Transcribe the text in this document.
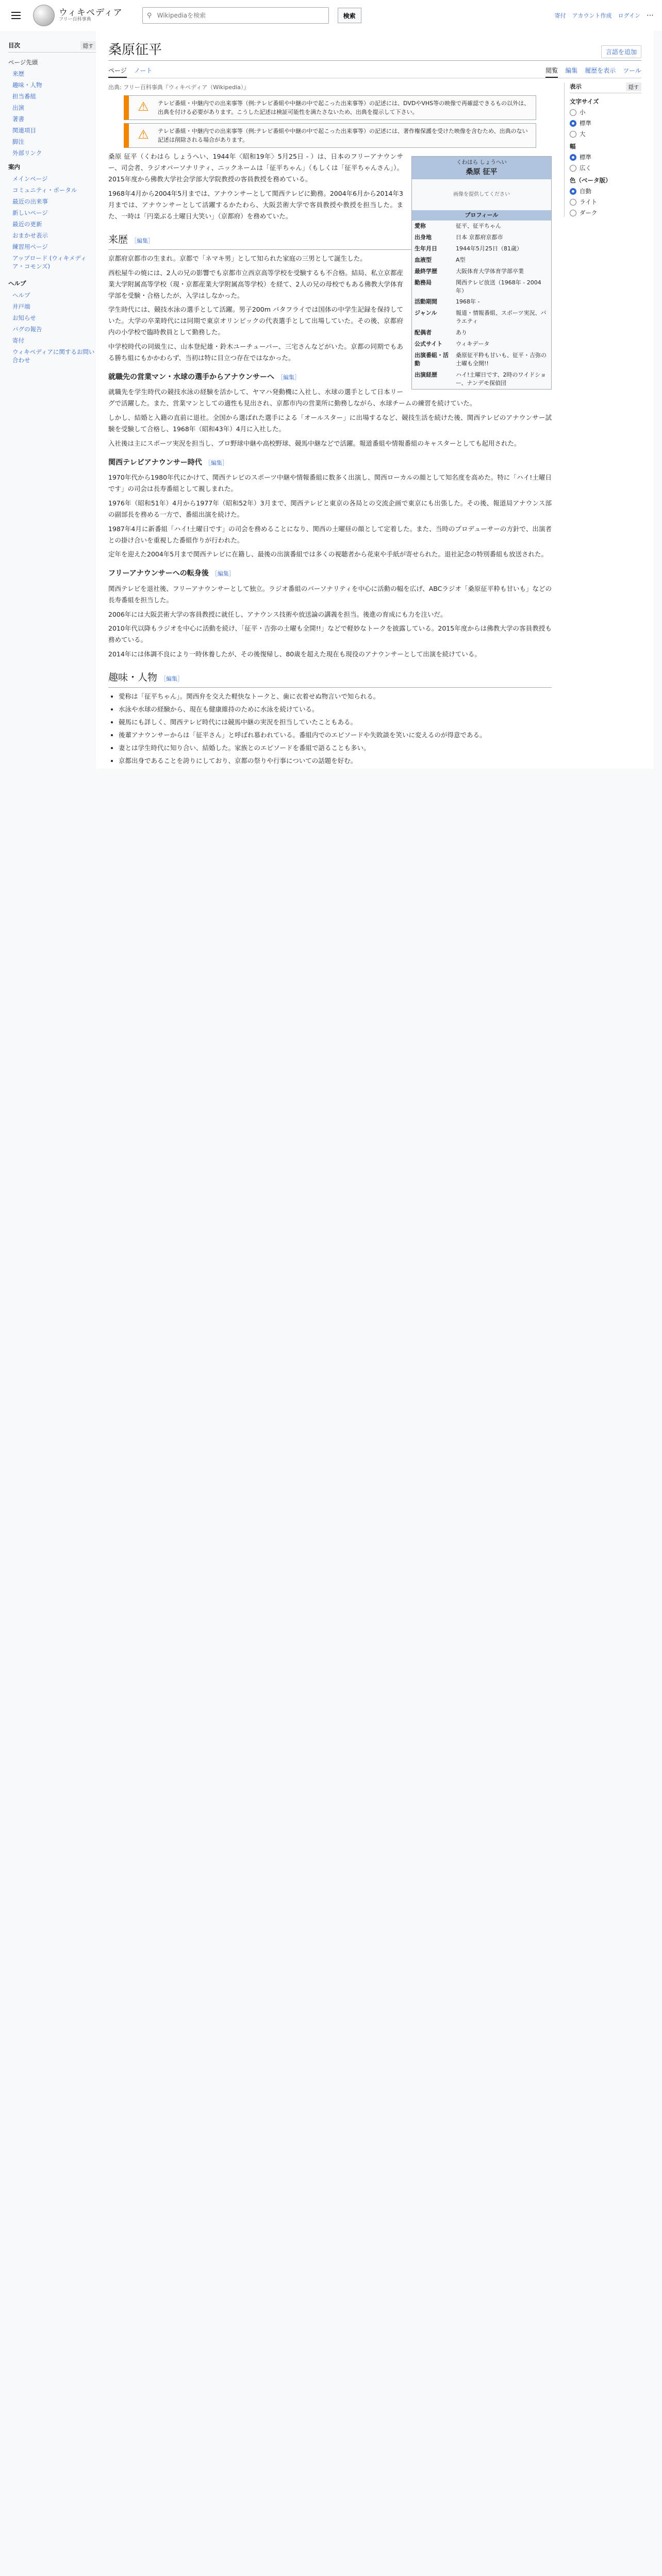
ウィキペディア
フリー百科事典
⚲
Wikipediaを検索	検索	寄付 アカウント作成 ログイン ⋯
目次	隠す
ページ先頭
来歴
趣味・人物
担当番組
出演
著書
関連項目
脚注
外部リンク
案内
メインページ
コミュニティ・ポータル
最近の出来事
新しいページ
最近の更新
おまかせ表示
練習用ページ
アップロード (ウィキメディア・コモンズ)
ヘルプ
ヘルプ
井戸端
お知らせ
バグの報告
寄付
ウィキペディアに関するお問い合わせ
桑原征平	言語を追加
ページ ノート	閲覧 編集 履歴を表示 ツール
出典: フリー百科事典『ウィキペディア（Wikipedia）』
⚠	テレビ番組・中継内での出来事等（例:テレビ番組や中継の中で起こった出来事等）の記述には、DVDやVHS等の映像で再確認できるもの以外は、出典を付ける必要があります。こうした記述は検証可能性を満たさないため、出典を提示して下さい。
⚠	テレビ番組・中継内での出来事等（例:テレビ番組や中継の中で起こった出来事等）の記述には、著作権保護を受けた映像を含むため、出典のない記述は削除される場合があります。
くわはら しょうへい
桑原 征平
画像を提供してください
プロフィール
愛称	征平、征平ちゃん
出身地	日本 京都府京都市
生年月日	1944年5月25日（81歳）
血液型	A型
最終学歴	大阪体育大学体育学部卒業
勤務局	関西テレビ放送（1968年 - 2004年）
活動期間	1968年 -
ジャンル	報道・情報番組、スポーツ実況、バラエティ
配偶者	あり
公式サイト	ウィキデータ
出演番組・活動	桑原征平粋も甘いも、征平・吉弥の土曜も全開!!
出演経歴	ハイ!土曜日です、2時のワイドショー、ナンデモ探偵団

桑原 征平（くわはら しょうへい、1944年〈昭和19年〉5月25日 - ）は、日本のフリーアナウンサー、司会者、ラジオパーソナリティ、ニックネームは「征平ちゃん」（もしくは「征平ちゃんさん」）。2015年度から佛教大学社会学部大学院教授の客員教授を務めている。

1968年4月から2004年5月までは、アナウンサーとして関西テレビに勤務。2004年6月から2014年3月までは、アナウンサーとして活躍するかたわら、大阪芸術大学で客員教授や教授を担当した。また、一時は「円楽ぶる土曜日大笑い」（京都府）を務めていた。

来歴 ［編集］

京都府京都市の生まれ。京都で「ネマキ男」として知られた家庭の三男として誕生した。

西松屋牛の焼には、2人の兄の影響でも京都市立西京高等学校を受験するも不合格。結局、私立京都産業大学附属高等学校（現・京都産業大学附属高等学校）を経て、2人の兄の母校でもある佛教大学体育学部を受験・合格したが、入学はしなかった。

学生時代には、競技水泳の選手として活躍。男子200m バタフライでは国体の中学生記録を保持していた。大学の卒業時代には同期で東京オリンピックの代表選手として出場していた。その後、京都府内の小学校で臨時教員として勤務した。

中学校時代の同級生に、山本登紀雄・鈴木ユーチューバー、三宅さんなどがいた。京都の同期でもある勝ち組にもかかわらず、当初は特に目立つ存在ではなかった。

就職先の営業マン・水球の選手からアナウンサーへ ［編集］

就職先を学生時代の競技水泳の経験を活かして、ヤマハ発動機に入社し、水球の選手として日本リーグで活躍した。また、営業マンとしての適性も見出され、京都市内の営業所に勤務しながら、水球チームの練習を続けていた。

しかし、結婚と入籍の直前に退社。全国から選ばれた選手による「オールスター」に出場するなど、競技生活を続けた後、関西テレビのアナウンサー試験を受験して合格し、1968年（昭和43年）4月に入社した。

入社後は主にスポーツ実況を担当し、プロ野球中継や高校野球、競馬中継などで活躍。報道番組や情報番組のキャスターとしても起用された。

関西テレビアナウンサー時代 ［編集］

1970年代から1980年代にかけて、関西テレビのスポーツ中継や情報番組に数多く出演し、関西ローカルの顔として知名度を高めた。特に「ハイ!土曜日です」の司会は長寿番組として親しまれた。

1976年（昭和51年）4月から1977年（昭和52年）3月まで、関西テレビと東京の各局との交流企画で東京にも出張した。その後、報道局アナウンス部の副部長を務める一方で、番組出演を続けた。

1987年4月に新番組「ハイ!土曜日です」の司会を務めることになり、関西の土曜昼の顔として定着した。また、当時のプロデューサーの方針で、出演者との掛け合いを重視した番組作りが行われた。

定年を迎えた2004年5月まで関西テレビに在籍し、最後の出演番組では多くの視聴者から花束や手紙が寄せられた。退社記念の特別番組も放送された。

フリーアナウンサーへの転身後 ［編集］

関西テレビを退社後、フリーアナウンサーとして独立。ラジオ番組のパーソナリティを中心に活動の幅を広げ、ABCラジオ「桑原征平粋も甘いも」などの長寿番組を担当した。

2006年には大阪芸術大学の客員教授に就任し、アナウンス技術や放送論の講義を担当。後進の育成にも力を注いだ。

2010年代以降もラジオを中心に活動を続け、「征平・吉弥の土曜も全開!!」などで軽妙なトークを披露している。2015年度からは佛教大学の客員教授も務めている。

2014年には体調不良により一時休養したが、その後復帰し、80歳を超えた現在も現役のアナウンサーとして出演を続けている。

趣味・人物 ［編集］
• 愛称は「征平ちゃん」。関西弁を交えた軽快なトークと、歯に衣着せぬ物言いで知られる。
• 水泳や水球の経験から、現在も健康維持のために水泳を続けている。
• 競馬にも詳しく、関西テレビ時代には競馬中継の実況を担当していたこともある。
• 後輩アナウンサーからは「征平さん」と呼ばれ慕われている。番組内でのエピソードや失敗談を笑いに変えるのが得意である。
• 妻とは学生時代に知り合い、結婚した。家族とのエピソードを番組で語ることも多い。
• 京都出身であることを誇りにしており、京都の祭りや行事についての話題を好む。
表示	隠す
文字サイズ
小
標準
大
幅
標準
広く
色（ベータ版）
自動
ライト
ダーク
